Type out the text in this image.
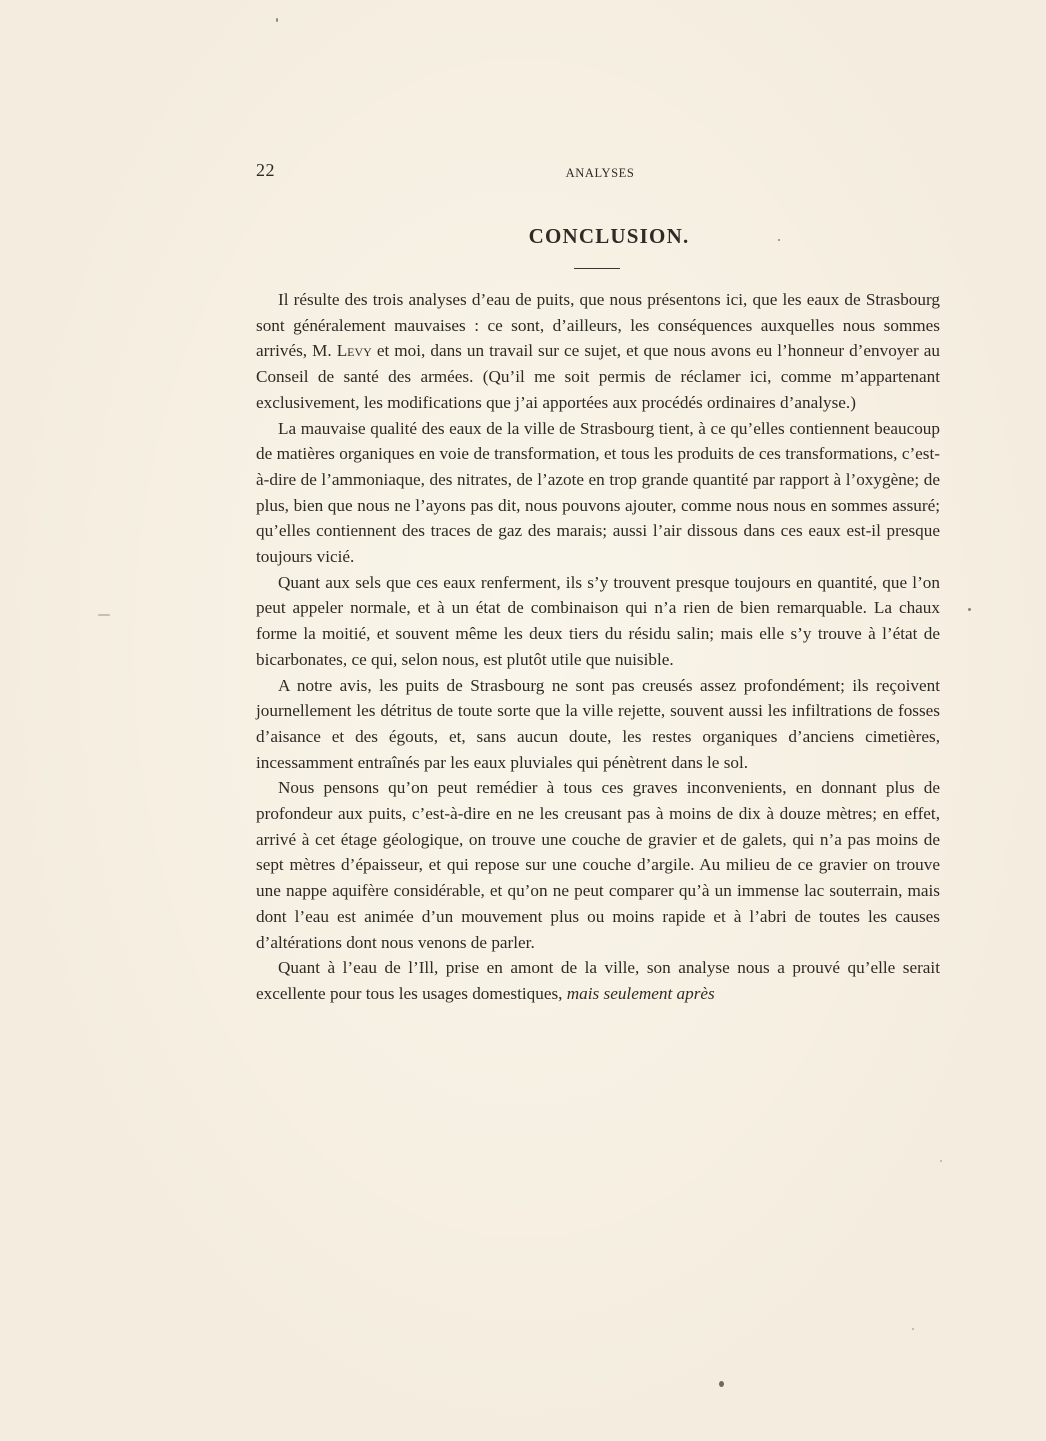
22	ANALYSES
CONCLUSION.

Il résulte des trois analyses d’eau de puits, que nous présentons ici, que les eaux de Strasbourg sont généralement mauvaises : ce sont, d’ailleurs, les conséquences auxquelles nous sommes arrivés, M. Levy et moi, dans un travail sur ce sujet, et que nous avons eu l’honneur d’envoyer au Conseil de santé des armées. (Qu’il me soit permis de réclamer ici, comme m’appartenant exclusivement, les modifications que j’ai apportées aux procédés ordinaires d’analyse.)

La mauvaise qualité des eaux de la ville de Strasbourg tient, à ce qu’elles contiennent beaucoup de matières organiques en voie de transformation, et tous les produits de ces transformations, c’est-à-dire de l’ammoniaque, des nitrates, de l’azote en trop grande quantité par rapport à l’oxygène; de plus, bien que nous ne l’ayons pas dit, nous pouvons ajouter, comme nous nous en sommes assuré; qu’elles contiennent des traces de gaz des marais; aussi l’air dissous dans ces eaux est-il presque toujours vicié.

Quant aux sels que ces eaux renferment, ils s’y trouvent presque toujours en quantité, que l’on peut appeler normale, et à un état de combinaison qui n’a rien de bien remarquable. La chaux forme la moitié, et souvent même les deux tiers du résidu salin; mais elle s’y trouve à l’état de bicarbonates, ce qui, selon nous, est plutôt utile que nuisible.

A notre avis, les puits de Strasbourg ne sont pas creusés assez profondément; ils reçoivent journellement les détritus de toute sorte que la ville rejette, souvent aussi les infiltrations de fosses d’aisance et des égouts, et, sans aucun doute, les restes organiques d’anciens cimetières, incessamment entraînés par les eaux pluviales qui pénètrent dans le sol.

Nous pensons qu’on peut remédier à tous ces graves inconvenients, en donnant plus de profondeur aux puits, c’est-à-dire en ne les creusant pas à moins de dix à douze mètres; en effet, arrivé à cet étage géologique, on trouve une couche de gravier et de galets, qui n’a pas moins de sept mètres d’épaisseur, et qui repose sur une couche d’argile. Au milieu de ce gravier on trouve une nappe aquifère considérable, et qu’on ne peut comparer qu’à un immense lac souterrain, mais dont l’eau est animée d’un mouvement plus ou moins rapide et à l’abri de toutes les causes d’altérations dont nous venons de parler.

Quant à l’eau de l’Ill, prise en amont de la ville, son analyse nous a prouvé qu’elle serait excellente pour tous les usages domestiques, mais seulement après
